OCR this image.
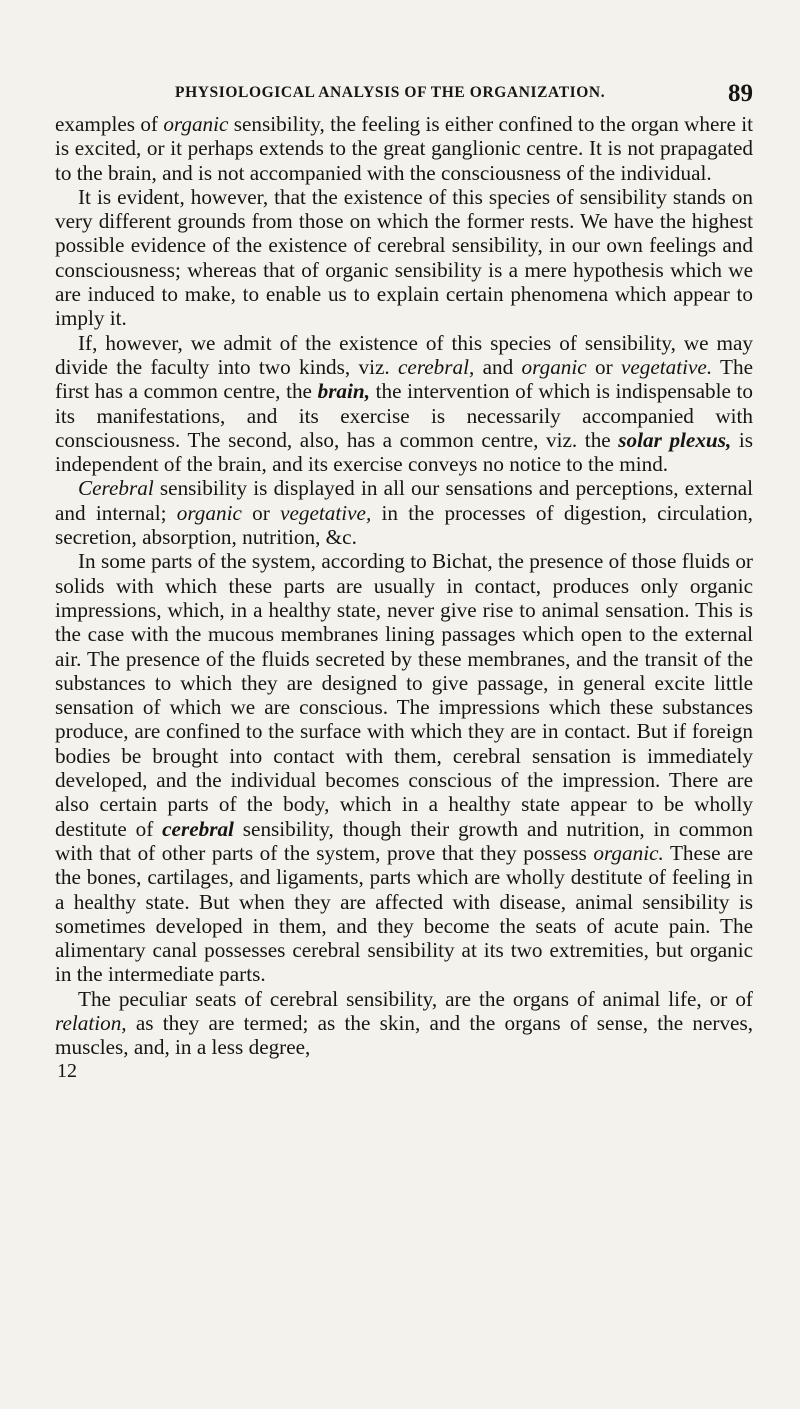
PHYSIOLOGICAL ANALYSIS OF THE ORGANIZATION.	89

examples of organic sensibility, the feeling is either confined to the organ where it is excited, or it perhaps extends to the great ganglionic centre. It is not prapagated to the brain, and is not accompanied with the consciousness of the individual.

It is evident, however, that the existence of this species of sensibility stands on very different grounds from those on which the former rests. We have the highest possible evidence of the existence of cerebral sensibility, in our own feelings and consciousness; whereas that of organic sensibility is a mere hypothesis which we are induced to make, to enable us to explain certain phenomena which appear to imply it.

If, however, we admit of the existence of this species of sensibility, we may divide the faculty into two kinds, viz. cerebral, and organic or vegetative. The first has a common centre, the brain, the intervention of which is indispensable to its manifestations, and its exercise is necessarily accompanied with consciousness. The second, also, has a common centre, viz. the solar plexus, is independent of the brain, and its exercise conveys no notice to the mind.

Cerebral sensibility is displayed in all our sensations and perceptions, external and internal; organic or vegetative, in the processes of digestion, circulation, secretion, absorption, nutrition, &c.

In some parts of the system, according to Bichat, the presence of those fluids or solids with which these parts are usually in contact, produces only organic impressions, which, in a healthy state, never give rise to animal sensation. This is the case with the mucous membranes lining passages which open to the external air. The presence of the fluids secreted by these membranes, and the transit of the substances to which they are designed to give passage, in general excite little sensation of which we are conscious. The impressions which these substances produce, are confined to the surface with which they are in contact. But if foreign bodies be brought into contact with them, cerebral sensation is immediately developed, and the individual becomes conscious of the impression. There are also certain parts of the body, which in a healthy state appear to be wholly destitute of cerebral sensibility, though their growth and nutrition, in common with that of other parts of the system, prove that they possess organic. These are the bones, cartilages, and ligaments, parts which are wholly destitute of feeling in a healthy state. But when they are affected with disease, animal sensibility is sometimes developed in them, and they become the seats of acute pain. The alimentary canal possesses cerebral sensibility at its two extremities, but organic in the intermediate parts.

The peculiar seats of cerebral sensibility, are the organs of animal life, or of relation, as they are termed; as the skin, and the organs of sense, the nerves, muscles, and, in a less degree,

12
